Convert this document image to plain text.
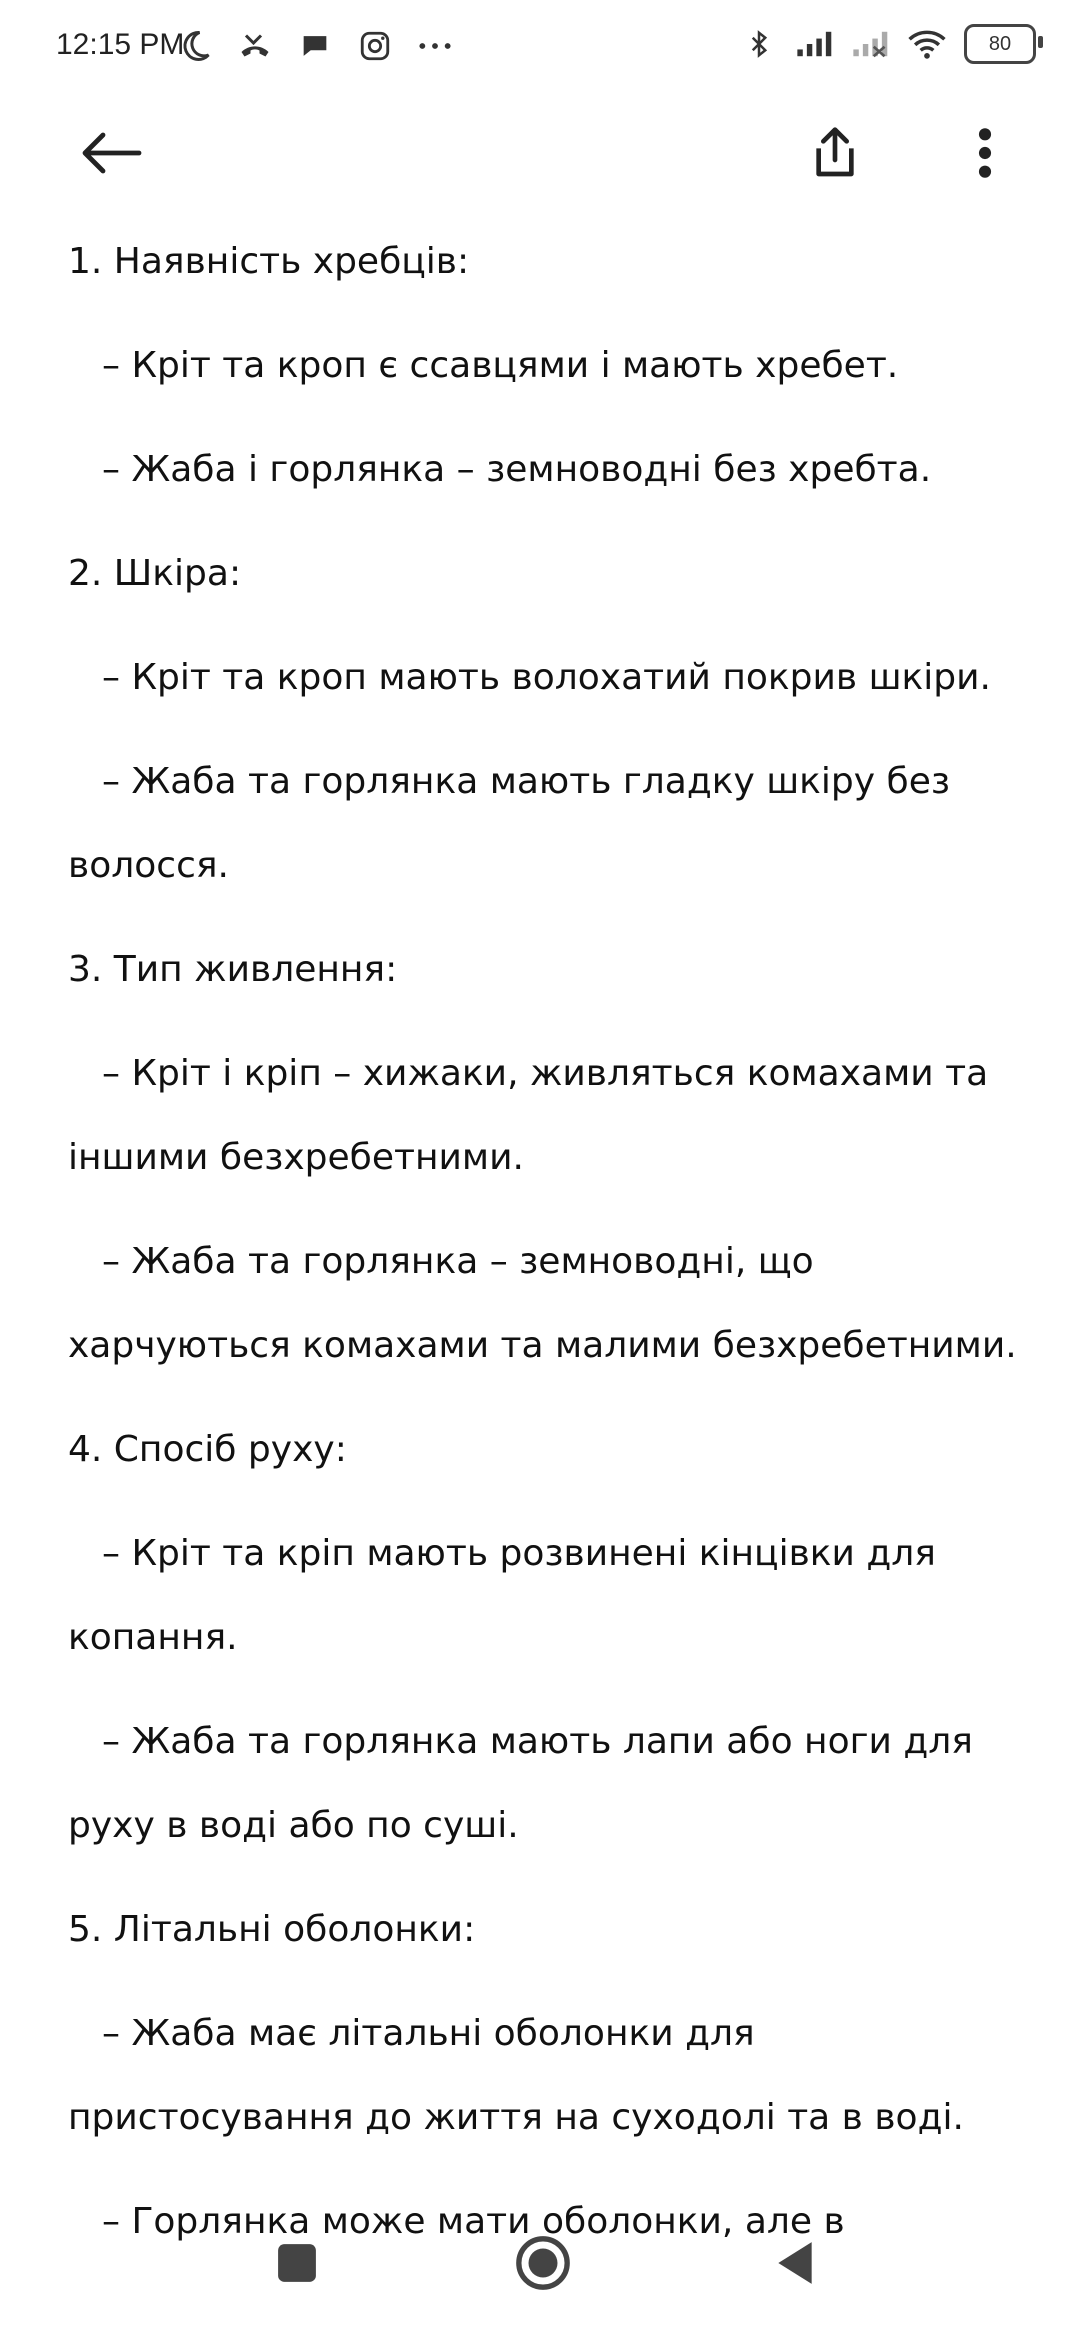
12:15 PM	80

1. Наявність хребців:

– Кріт та кроп є ссавцями і мають хребет.

– Жаба і горлянка – земноводні без хребта.

2. Шкіра:

– Кріт та кроп мають волохатий покрив шкіри.

– Жаба та горлянка мають гладку шкіру без волосся.

3. Тип живлення:

– Кріт і кріп – хижаки, живляться комахами та іншими безхребетними.

– Жаба та горлянка – земноводні, що харчуються комахами та малими безхребетними.

4. Спосіб руху:

– Кріт та кріп мають розвинені кінцівки для копання.

– Жаба та горлянка мають лапи або ноги для руху в воді або по суші.

5. Літальні оболонки:

– Жаба має літальні оболонки для пристосування до життя на суходолі та в воді.

– Горлянка може мати оболонки, але в
